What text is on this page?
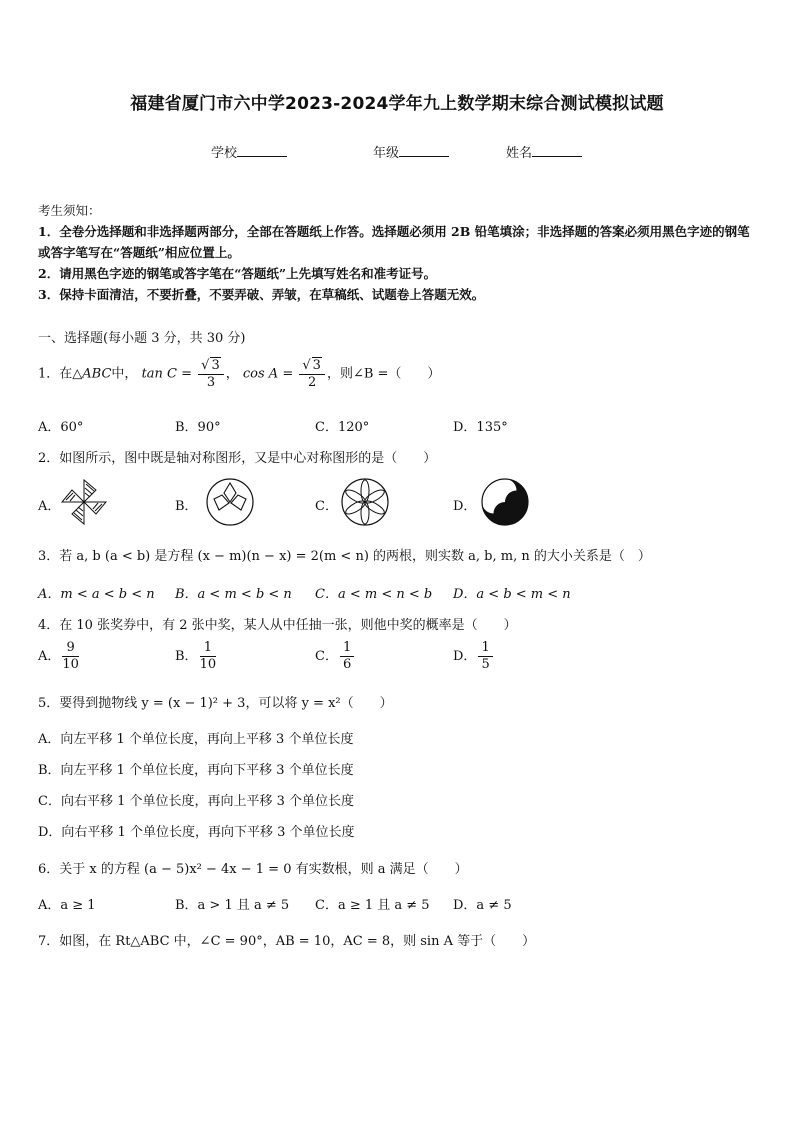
福建省厦门市六中学2023-2024学年九上数学期末综合测试模拟试题
学校	年级	姓名
考生须知：
1．全卷分选择题和非选择题两部分，全部在答题纸上作答。选择题必须用 2B 铅笔填涂；非选择题的答案必须用黑色字迹的钢笔或答字笔写在“答题纸”相应位置上。
2．请用黑色字迹的钢笔或答字笔在“答题纸”上先填写姓名和准考证号。
3．保持卡面清洁，不要折叠，不要弄破、弄皱，在草稿纸、试题卷上答题无效。
一、选择题(每小题 3 分，共 30 分)
1．在△ABC中， $\tan C = \frac{√ 3}{3}$ ， $\cos A = \frac{√ 3}{2}$ ，则∠B =（　　）
A．60°	B．90°	C．120°	D．135°
2．如图所示，图中既是轴对称图形，又是中心对称图形的是（　　）
A．	B．	C．	D．
3．若 a, b (a < b) 是方程 (x − m)(n − x) = 2(m < n) 的两根，则实数 a, b, m, n 的大小关系是（　）
A．m < a < b < n B．a < m < b < n C．a < m < n < b D．a < b < m < n
4．在 10 张奖券中，有 2 张中奖，某人从中任抽一张，则他中奖的概率是（　　）
A． $\frac{9}{10}$	B． $\frac{1}{10}$	C． $\frac{1}{6}$	D． $\frac{1}{5}$
5．要得到抛物线 y = (x − 1)² + 3，可以将 y = x²（　　）
A．向左平移 1 个单位长度，再向上平移 3 个单位长度
B．向左平移 1 个单位长度，再向下平移 3 个单位长度
C．向右平移 1 个单位长度，再向上平移 3 个单位长度
D．向右平移 1 个单位长度，再向下平移 3 个单位长度
6．关于 x 的方程 (a − 5)x² − 4x − 1 = 0 有实数根，则 a 满足（　　）
A．a ≥ 1	B．a > 1 且 a ≠ 5 C．a ≥ 1 且 a ≠ 5 D．a ≠ 5
7．如图，在 Rt△ABC 中，∠C = 90°，AB = 10，AC = 8，则 sin A 等于（　　）
